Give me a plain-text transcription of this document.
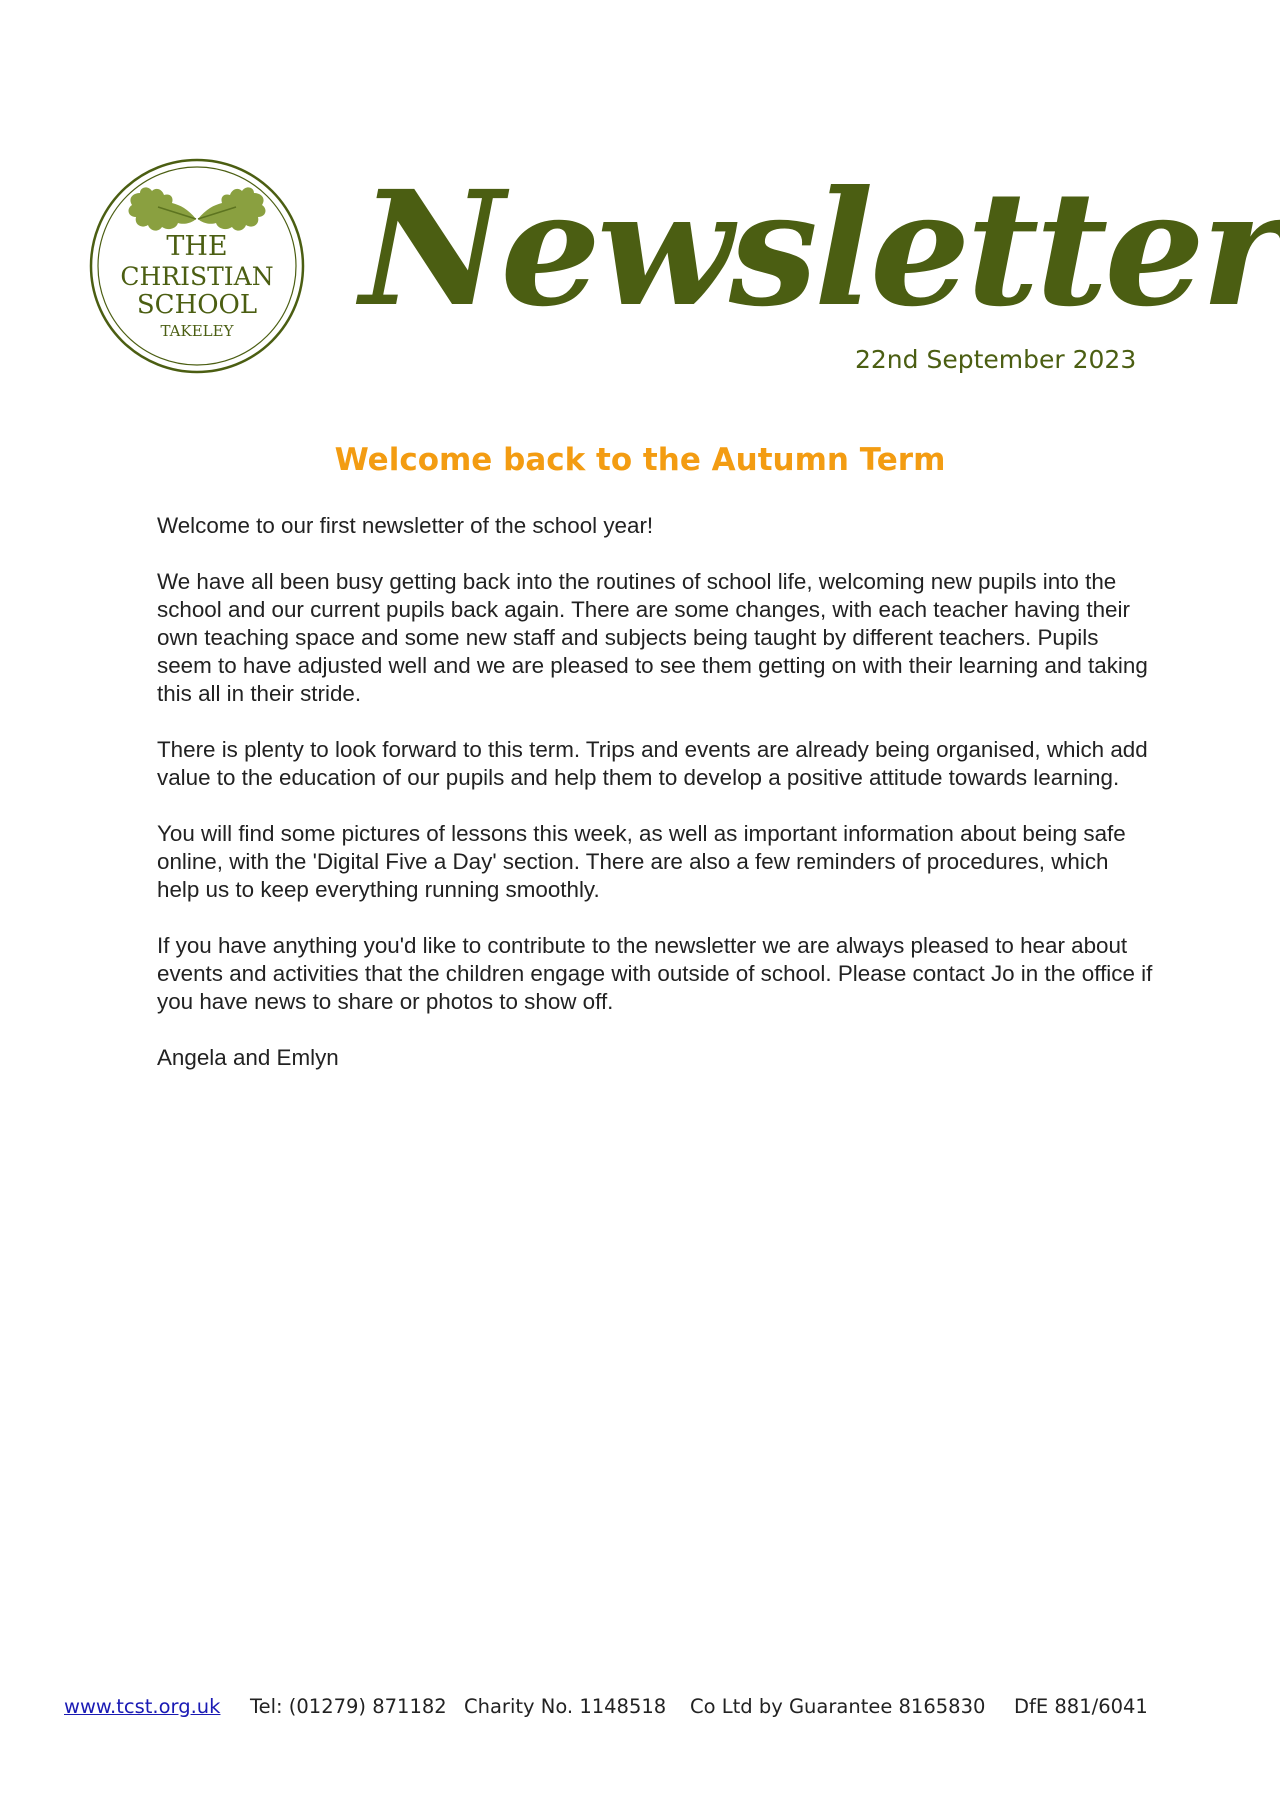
THE
CHRISTIAN
SCHOOL
TAKELEY Newsletter

22nd September 2023

Welcome back to the Autumn Term

Welcome to our first newsletter of the school year!

We have all been busy getting back into the routines of school life, welcoming new pupils into the school and our current pupils back again. There are some changes, with each teacher having their own teaching space and some new staff and subjects being taught by different teachers. Pupils seem to have adjusted well and we are pleased to see them getting on with their learning and taking this all in their stride.

There is plenty to look forward to this term. Trips and events are already being organised, which add value to the education of our pupils and help them to develop a positive attitude towards learning.

You will find some pictures of lessons this week, as well as important information about being safe online, with the 'Digital Five a Day' section. There are also a few reminders of procedures, which help us to keep everything running smoothly.

If you have anything you'd like to contribute to the newsletter we are always pleased to hear about events and activities that the children engage with outside of school. Please contact Jo in the office if you have news to share or photos to show off.

Angela and Emlyn

www.tcst.org.uk Tel: (01279) 871182 Charity No. 1148518 Co Ltd by Guarantee 8165830 DfE 881/6041
